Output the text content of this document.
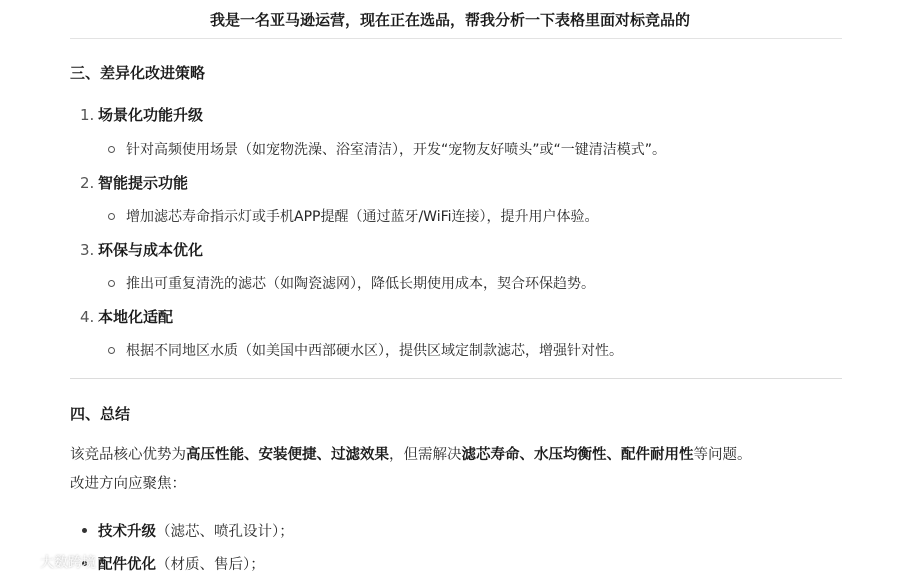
我是一名亚马逊运营，现在正在选品，帮我分析一下表格里面对标竞品的
三、差异化改进策略
1. 场景化功能升级
针对高频使用场景（如宠物洗澡、浴室清洁），开发“宠物友好喷头”或“一键清洁模式”。
2. 智能提示功能
增加滤芯寿命指示灯或手机APP提醒（通过蓝牙/WiFi连接），提升用户体验。
3. 环保与成本优化
推出可重复清洗的滤芯（如陶瓷滤网），降低长期使用成本，契合环保趋势。
4. 本地化适配
根据不同地区水质（如美国中西部硬水区），提供区域定制款滤芯，增强针对性。
四、总结
该竞品核心优势为高压性能、安装便捷、过滤效果，但需解决滤芯寿命、水压均衡性、配件耐用性等问题。
改进方向应聚焦：
技术升级 （滤芯、喷孔设计）；
配件优化 （材质、售后）；
大数跨境
